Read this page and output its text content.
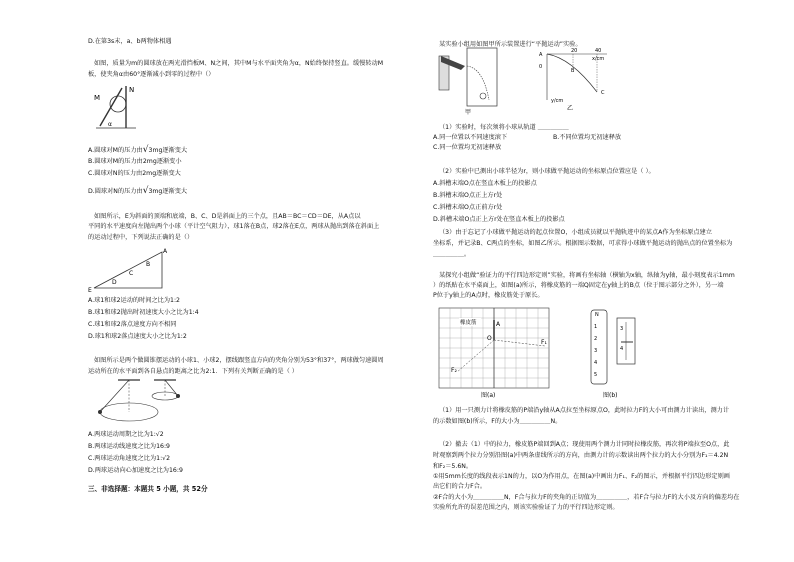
D.在第3s末，a、b两物体相遇
如图，质量为m的圆球放在两光滑挡板M、N之间，其中M与水平面夹角为α，N始终保持竖直。缓慢转动M
板，使夹角α由60°逐渐减小到零的过程中（）
M
N
α
A.圆球对M的压力由√3mg逐渐变大
B.圆球对M的压力由2mg逐渐变小
C.圆球对N的压力由2mg逐渐变大
D.圆球对N的压力由√3mg逐渐变大
如图所示，E为斜面的顶端和底端，B、C、D是斜面上的三个点，且AB＝BC＝CD＝DE，从A点以
平同的水平速度向左抛出两个小球（平计空气阻力），球1落在B点，球2落在E点，两球从抛出到落在斜面上
的运动过程中，下列说法正确的是（）
A
B
C
D
E
A.球1和球2运动的时间之比为1:2
B.球1和球2抛出时初速度大小之比为1:4
C.球1和球2落点速度方向不相同
D.球1和球2落点速度大小之比为1:2
如图所示是两个做圆锥摆运动的小球1、小球2，摆线跟竖直方向的夹角分别为53°和37°，两球做匀速圆周
运动所在的水平面到各自悬点的距离之比为2:1．下列有关判断正确的是（ ）
A.两球运动周期之比为1:√2
B.两球运动线速度之比为16:9
C.两球运动角速度之比为1:√2
D.两球运动向心加速度之比为16:9
三、非选择题：本题共 5 小题，共 52分
某实验小组用如图甲所示装置进行“平抛运动”实验。
甲
40
20
x/cm
y/cm
A
0
B
C
乙
（1）实验时，每次须将小球从轨道 ＿＿＿＿＿
A.同一位置以不同速度滚下	B.不同位置均无初速释放
C.同一位置均无初速释放
（2）实验中已测出小球半径为r，则小球做平抛运动的坐标原点位置应是（ ）。
A.斜槽末端O点在竖直木板上的投影点
B.斜槽末端O点正上方r处
C.斜槽末端O点正前方r处
D.斜槽末端O点正上方r处在竖直木板上的投影点
（3）由于忘记了小球做平抛运动的起点位置O，小组成员就以平抛轨迹中的某点A作为坐标原点建立
坐标系，并记录B、C两点的坐标，如图乙所示。根据图示数据，可求得小球做平抛运动的抛出点的位置坐标为
＿＿＿＿＿。
某探究小组做“验证力的平行四边形定则”实验，将画有坐标轴（横轴为x轴，纵轴为y轴，最小刻度表示1mm
）的纸贴在水平桌面上，如图(a)所示，将橡皮筋的一端Q固定在y轴上的B点（位于图示部分之外），另一端
P位于y轴上的A点时，橡皮筋处于原长。
橡皮筋	A
O
F₁
F₂
图(a)
N
1
2
3
4
5
3
4
图(b)
（1）用一只测力计将橡皮筋的P端沿y轴从A点拉至坐标原点O，此时拉力F的大小可由测力计读出，测力计
的示数如图(b)所示，F的大小为＿＿＿＿＿N。
（2）撤去（1）中的拉力，橡皮筋P端回到A点；现使用两个测力计同时拉橡皮筋，再次将P端拉至O点，此
时观察到两个拉力分别沿图(a)中两条虚线所示的方向，由测力计的示数读出两个拉力的大小分别为F₁＝4.2N
和F₂＝5.6N。
①用5mm长度的线段表示1N的力，以O为作用点，在图(a)中画出力F₁、F₂的图示，并根据平行四边形定则画
出它们的合力F合。
②F合的大小为＿＿＿＿＿N，F合与拉力F的夹角的正切值为＿＿＿＿＿，若F合与拉力F的大小及方向的偏差均在
实验所允许的误差范围之内，则该实验验证了力的平行四边形定则。
